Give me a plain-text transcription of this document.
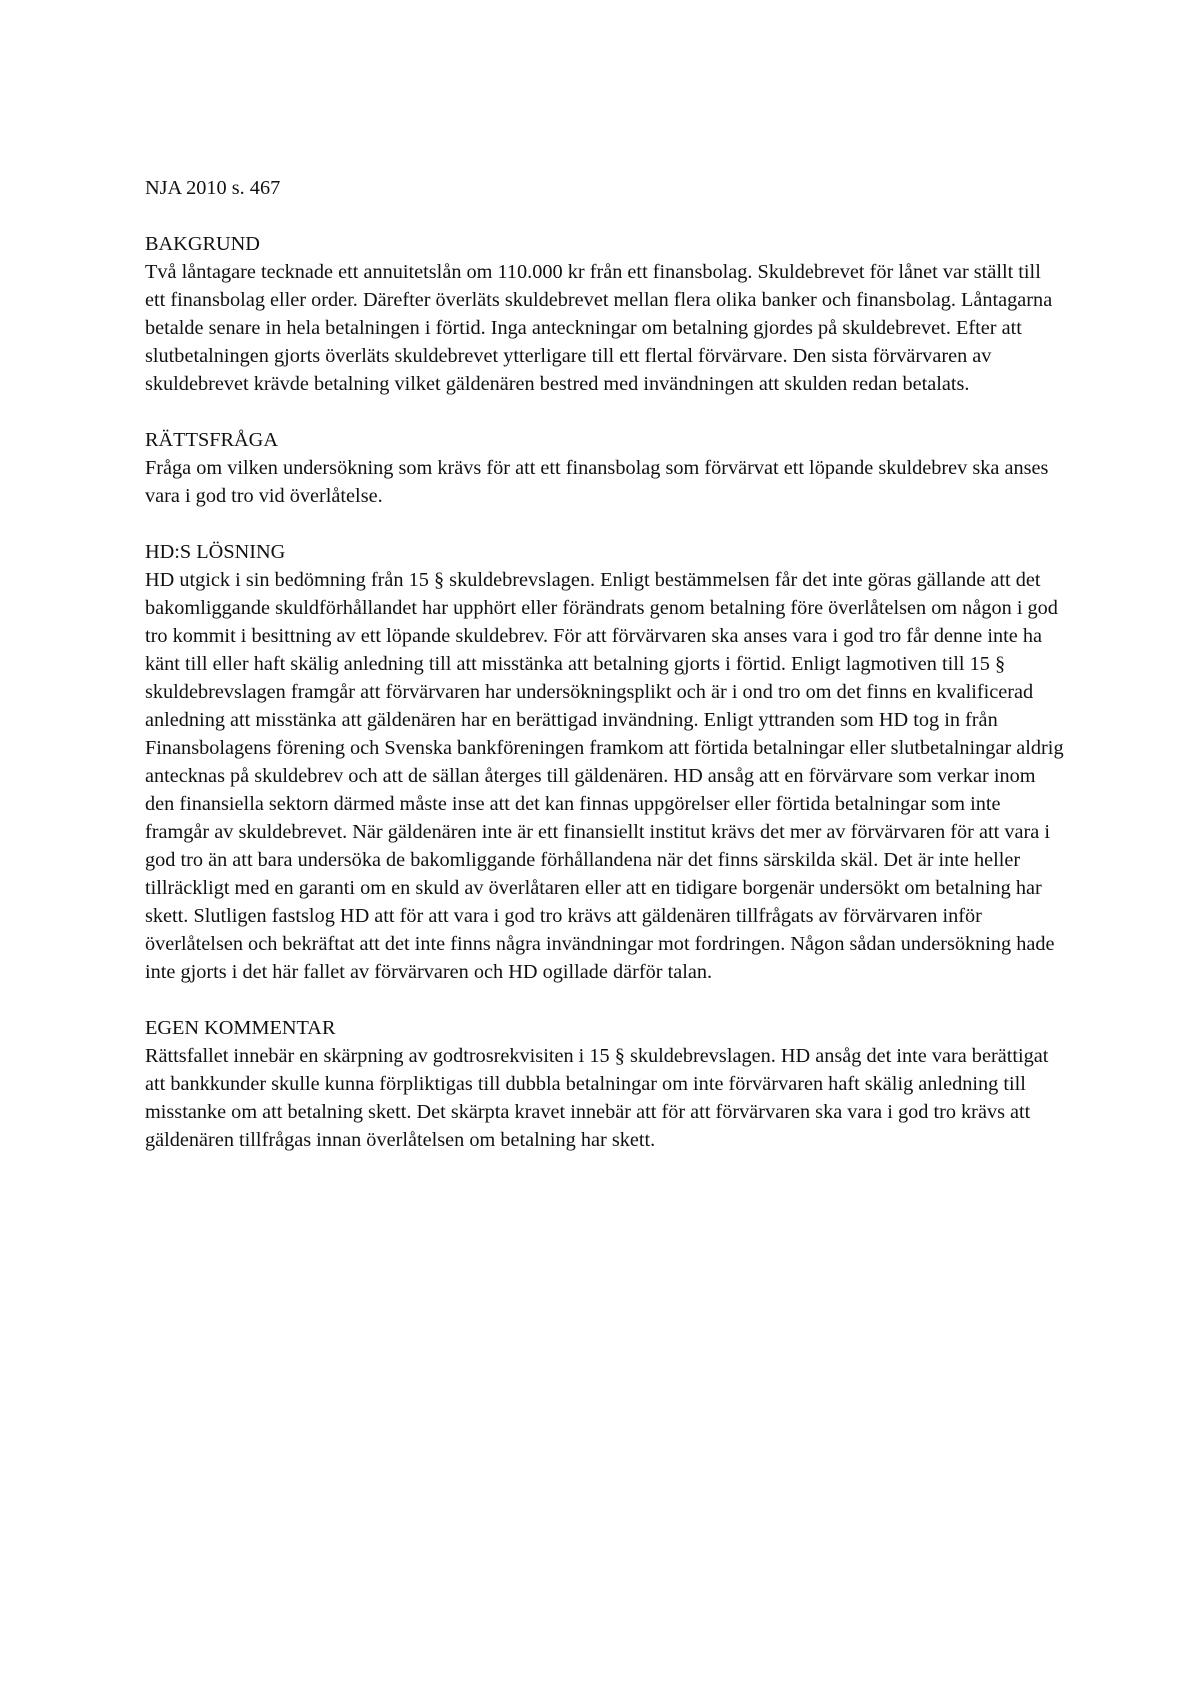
NJA 2010 s. 467

BAKGRUND

Två låntagare tecknade ett annuitetslån om 110.000 kr från ett finansbolag. Skuldebrevet för lånet var ställt till ett finansbolag eller order. Därefter överläts skuldebrevet mellan flera olika banker och finansbolag. Låntagarna betalde senare in hela betalningen i förtid. Inga anteckningar om betalning gjordes på skuldebrevet. Efter att slutbetalningen gjorts överläts skuldebrevet ytterligare till ett flertal förvärvare. Den sista förvärvaren av skuldebrevet krävde betalning vilket gäldenären bestred med invändningen att skulden redan betalats.

RÄTTSFRÅGA

Fråga om vilken undersökning som krävs för att ett finansbolag som förvärvat ett löpande skuldebrev ska anses vara i god tro vid överlåtelse.

HD:S LÖSNING

HD utgick i sin bedömning från 15 § skuldebrevslagen. Enligt bestämmelsen får det inte göras gällande att det bakomliggande skuldförhållandet har upphört eller förändrats genom betalning före överlåtelsen om någon i god tro kommit i besittning av ett löpande skuldebrev. För att förvärvaren ska anses vara i god tro får denne inte ha känt till eller haft skälig anledning till att misstänka att betalning gjorts i förtid. Enligt lagmotiven till 15 § skuldebrevslagen framgår att förvärvaren har undersökningsplikt och är i ond tro om det finns en kvalificerad anledning att misstänka att gäldenären har en berättigad invändning. Enligt yttranden som HD tog in från Finansbolagens förening och Svenska bankföreningen framkom att förtida betalningar eller slutbetalningar aldrig antecknas på skuldebrev och att de sällan återges till gäldenären. HD ansåg att en förvärvare som verkar inom den finansiella sektorn därmed måste inse att det kan finnas uppgörelser eller förtida betalningar som inte framgår av skuldebrevet. När gäldenären inte är ett finansiellt institut krävs det mer av förvärvaren för att vara i god tro än att bara undersöka de bakomliggande förhållandena när det finns särskilda skäl. Det är inte heller tillräckligt med en garanti om en skuld av överlåtaren eller att en tidigare borgenär undersökt om betalning har skett. Slutligen fastslog HD att för att vara i god tro krävs att gäldenären tillfrågats av förvärvaren inför överlåtelsen och bekräftat att det inte finns några invändningar mot fordringen. Någon sådan undersökning hade inte gjorts i det här fallet av förvärvaren och HD ogillade därför talan.

EGEN KOMMENTAR

Rättsfallet innebär en skärpning av godtrosrekvisiten i 15 § skuldebrevslagen. HD ansåg det inte vara berättigat att bankkunder skulle kunna förpliktigas till dubbla betalningar om inte förvärvaren haft skälig anledning till misstanke om att betalning skett. Det skärpta kravet innebär att för att förvärvaren ska vara i god tro krävs att gäldenären tillfrågas innan överlåtelsen om betalning har skett.
